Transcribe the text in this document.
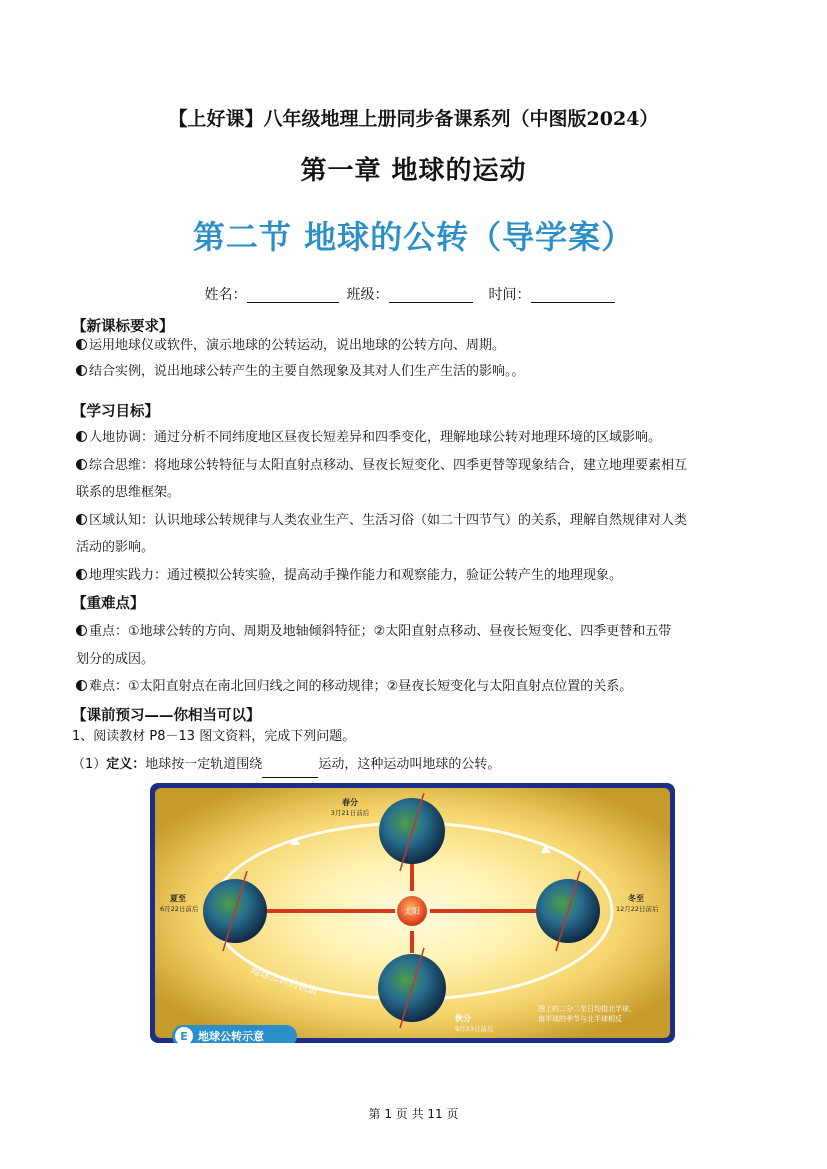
【上好课】八年级地理上册同步备课系列（中图版2024）
第一章 地球的运动
第二节 地球的公转（导学案）
姓名：	班级：	时间：
【新课标要求】
运用地球仪或软件，演示地球的公转运动，说出地球的公转方向、周期。
结合实例，说出地球公转产生的主要自然现象及其对人们生产生活的影响。。
【学习目标】
人地协调：通过分析不同纬度地区昼夜长短差异和四季变化，理解地球公转对地理环境的区域影响。
综合思维：将地球公转特征与太阳直射点移动、昼夜长短变化、四季更替等现象结合，建立地理要素相互
联系的思维框架。
区域认知：认识地球公转规律与人类农业生产、生活习俗（如二十四节气）的关系，理解自然规律对人类
活动的影响。
地理实践力：通过模拟公转实验，提高动手操作能力和观察能力，验证公转产生的地理现象。
【重难点】
重点：①地球公转的方向、周期及地轴倾斜特征；②太阳直射点移动、昼夜长短变化、四季更替和五带
划分的成因。
难点：①太阳直射点在南北回归线之间的移动规律；②昼夜长短变化与太阳直射点位置的关系。
【课前预习——你相当可以】
1、阅读教材 P8－13 图文资料，完成下列问题。
（1）定义：地球按一定轨道围绕	运动，这种运动叫地球的公转。
太阳
春分
3月21日前后
夏至
6月22日前后
冬至
12月22日前后
秋分
9月23日前后
地球公转的轨道
图上的二分二至日均指北半球，
南半球的季节与北半球相反
E 地球公转示意
第 1 页 共 11 页
